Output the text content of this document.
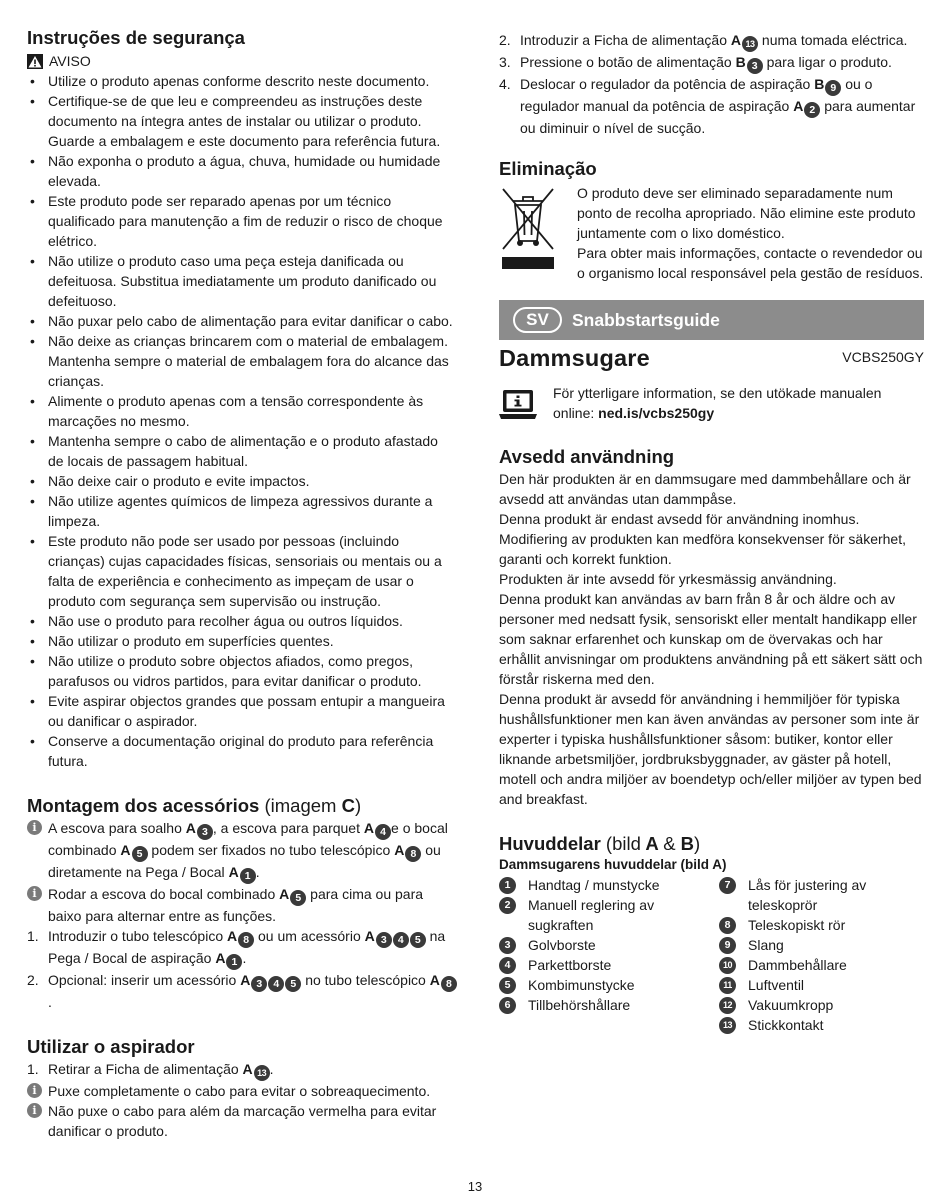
Instruções de segurança
AVISO
• Utilize o produto apenas conforme descrito neste documento.
• Certifique-se de que leu e compreendeu as instruções deste documento na íntegra antes de instalar ou utilizar o produto. Guarde a embalagem e este documento para referência futura.
• Não exponha o produto a água, chuva, humidade ou humidade elevada.
• Este produto pode ser reparado apenas por um técnico qualificado para manutenção a fim de reduzir o risco de choque elétrico.
• Não utilize o produto caso uma peça esteja danificada ou defeituosa. Substitua imediatamente um produto danificado ou defeituoso.
• Não puxar pelo cabo de alimentação para evitar danificar o cabo.
• Não deixe as crianças brincarem com o material de embalagem. Mantenha sempre o material de embalagem fora do alcance das crianças.
• Alimente o produto apenas com a tensão correspondente às marcações no mesmo.
• Mantenha sempre o cabo de alimentação e o produto afastado de locais de passagem habitual.
• Não deixe cair o produto e evite impactos.
• Não utilize agentes químicos de limpeza agressivos durante a limpeza.
• Este produto não pode ser usado por pessoas (incluindo crianças) cujas capacidades físicas, sensoriais ou mentais ou a falta de experiência e conhecimento as impeçam de usar o produto com segurança sem supervisão ou instrução.
• Não use o produto para recolher água ou outros líquidos.
• Não utilizar o produto em superfícies quentes.
• Não utilize o produto sobre objectos afiados, como pregos, parafusos ou vidros partidos, para evitar danificar o produto.
• Evite aspirar objectos grandes que possam entupir a mangueira ou danificar o aspirador.
• Conserve a documentação original do produto para referência futura.
Montagem dos acessórios (imagem C)
i A escova para soalho A 3 , a escova para parquet A 4 e o bocal combinado A 5 podem ser fixados no tubo telescópico A 8 ou diretamente na Pega / Bocal A 1 .
i Rodar a escova do bocal combinado A 5 para cima ou para baixo para alternar entre as funções.
1. Introduzir o tubo telescópico A 8 ou um acessório A 3 4 5 na Pega / Bocal de aspiração A 1 .
2. Opcional: inserir um acessório A 3 4 5 no tubo telescópico A 8.
Utilizar o aspirador
1. Retirar a Ficha de alimentação A 13 .
i Puxe completamente o cabo para evitar o sobreaquecimento.
i Não puxe o cabo para além da marcação vermelha para evitar danificar o produto.
2. Introduzir a Ficha de alimentação A 13 numa tomada eléctrica.
3. Pressione o botão de alimentação B 3 para ligar o produto.
4. Deslocar o regulador da potência de aspiração B 9 ou o regulador manual da potência de aspiração A 2 para aumentar ou diminuir o nível de sucção.
Eliminação
O produto deve ser eliminado separadamente num ponto de recolha apropriado. Não elimine este produto juntamente com o lixo doméstico.
Para obter mais informações, contacte o revendedor ou o organismo local responsável pela gestão de resíduos.
SV	Snabbstartsguide
Dammsugare	VCBS250GY
För ytterligare information, se den utökade manualen online: ned.is/vcbs250gy
Avsedd användning
Den här produkten är en dammsugare med dammbehållare och är avsedd att användas utan dammpåse.
Denna produkt är endast avsedd för användning inomhus.
Modifiering av produkten kan medföra konsekvenser för säkerhet, garanti och korrekt funktion.
Produkten är inte avsedd för yrkesmässig användning.
Denna produkt kan användas av barn från 8 år och äldre och av personer med nedsatt fysik, sensoriskt eller mentalt handikapp eller som saknar erfarenhet och kunskap om de övervakas och har erhållit anvisningar om produktens användning på ett säkert sätt och förstår riskerna med den.
Denna produkt är avsedd för användning i hemmiljöer för typiska hushållsfunktioner men kan även användas av personer som inte är experter i typiska hushållsfunktioner såsom: butiker, kontor eller liknande arbetsmiljöer, jordbruksbyggnader, av gäster på hotell, motell och andra miljöer av boendetyp och/eller miljöer av typen bed and breakfast.
Huvuddelar (bild A & B)
Dammsugarens huvuddelar (bild A)
1	Handtag / munstycke
2	Manuell reglering av sugkraften
3	Golvborste
4	Parkettborste
5	Kombimunstycke
6	Tillbehörshållare
7	Lås för justering av teleskoprör
8	Teleskopiskt rör
9	Slang
10 Dammbehållare
11	Luftventil
12 Vakuumkropp
13 Stickkontakt
13
